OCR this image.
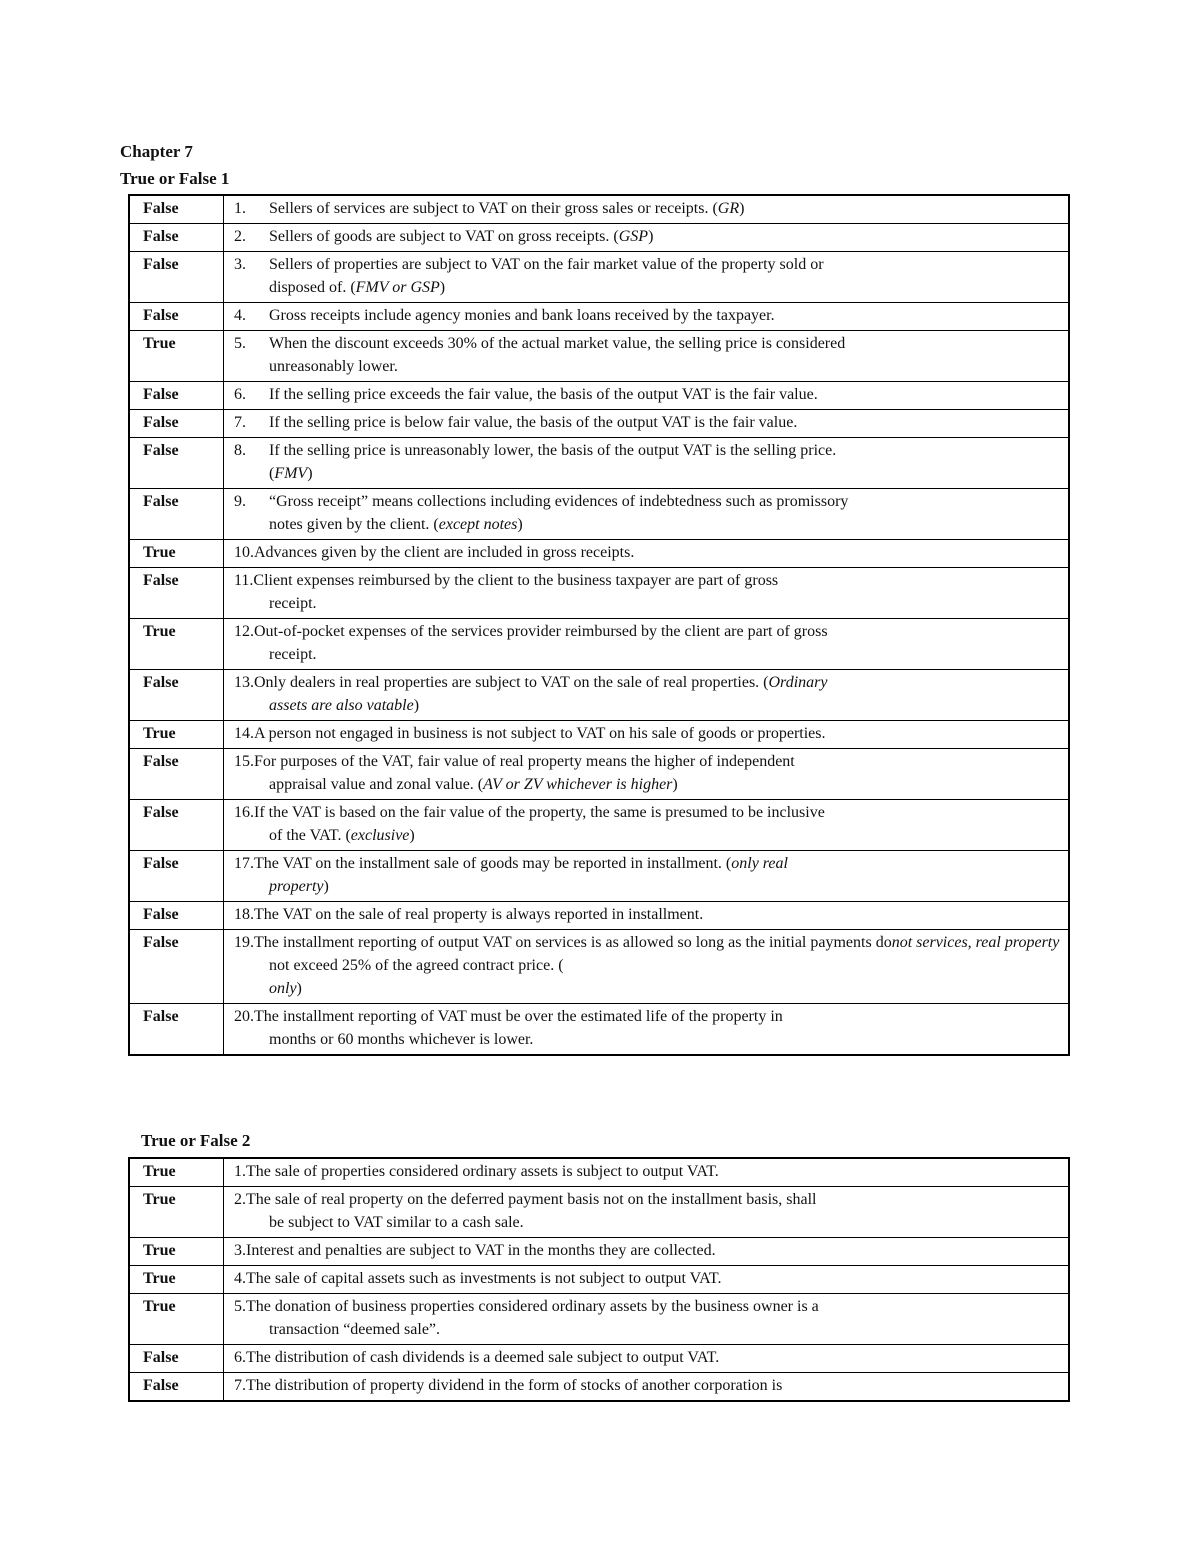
Chapter 7
True or False 1
False	1. Sellers of services are subject to VAT on their gross sales or receipts. (GR)

False	2. Sellers of goods are subject to VAT on gross receipts. (GSP)

False	3. Sellers of properties are subject to VAT on the fair market value of the property sold or
disposed of. (FMV or GSP)

False	4. Gross receipts include agency monies and bank loans received by the taxpayer.

True	5. When the discount exceeds 30% of the actual market value, the selling price is considered
unreasonably lower.

False	6. If the selling price exceeds the fair value, the basis of the output VAT is the fair value.

False	7. If the selling price is below fair value, the basis of the output VAT is the fair value.

False	8. If the selling price is unreasonably lower, the basis of the output VAT is the selling price.
(FMV)

False	9. “Gross receipt” means collections including evidences of indebtedness such as promissory
notes given by the client. (except notes)

True	10. Advances given by the client are included in gross receipts.

False	11. Client expenses reimbursed by the client to the business taxpayer are part of gross
receipt.

True	12. Out-of-pocket expenses of the services provider reimbursed by the client are part of gross
receipt.

False	13. Only dealers in real properties are subject to VAT on the sale of real properties. (Ordinary
assets are also vatable)

True	14. A person not engaged in business is not subject to VAT on his sale of goods or properties.

False	15. For purposes of the VAT, fair value of real property means the higher of independent
appraisal value and zonal value. (AV or ZV whichever is higher)

False	16. If the VAT is based on the fair value of the property, the same is presumed to be inclusive
of the VAT. (exclusive)

False	17. The VAT on the installment sale of goods may be reported in installment. (only real
property)

False	18. The VAT on the sale of real property is always reported in installment.

False	19. The installment reporting of output VAT on services is as allowed so long as the initial payments donot services, real property
not exceed 25% of the agreed contract price. (
only)

False	20. The installment reporting of VAT must be over the estimated life of the property in
months or 60 months whichever is lower.
True or False 2
True	1. The sale of properties considered ordinary assets is subject to output VAT.

True	2. The sale of real property on the deferred payment basis not on the installment basis, shall
be subject to VAT similar to a cash sale.

True	3. Interest and penalties are subject to VAT in the months they are collected.

True	4. The sale of capital assets such as investments is not subject to output VAT.

True	5. The donation of business properties considered ordinary assets by the business owner is a
transaction “deemed sale”.

False	6. The distribution of cash dividends is a deemed sale subject to output VAT.

False	7. The distribution of property dividend in the form of stocks of another corporation is
